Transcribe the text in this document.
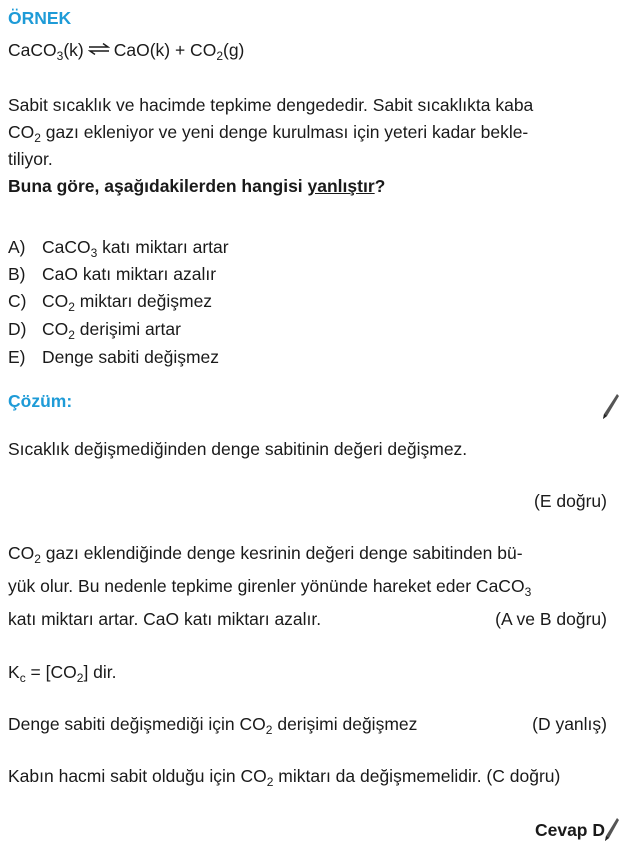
ÖRNEK
CaCO$_3$(k) ⇌ $CaO(k) + CO_2(g)$
Sabit sıcaklık ve hacimde tepkime dengededir. Sabit sıcaklıkta kaba
$CO_2$ gazı ekleniyor ve yeni denge kurulması için yeteri kadar bekle-
tiliyor.
Buna göre, aşağıdakilerden hangisi yanlıştır?
A) CaCO$_3$ katı miktarı artar
B) CaO katı miktarı azalır
C) $CO_2$ miktarı değişmez
D) $CO_2$ derişimi artar
E) Denge sabiti değişmez
Çözüm:
Sıcaklık değişmediğinden denge sabitinin değeri değişmez.
(E doğru)
$CO_2$ gazı eklendiğinde denge kesrinin değeri denge sabitinden bü-
yük olur. Bu nedenle tepkime girenler yönünde hareket eder CaCO$_3$
katı miktarı artar. CaO katı miktarı azalır.	(A ve B doğru)
$K_c = [CO_2]$ dir.
Denge sabiti değişmediği için $CO_2$ derişimi değişmez	(D yanlış)
Kabın hacmi sabit olduğu için $CO_2$ miktarı da değişmemelidir. (C doğru)
Cevap D
